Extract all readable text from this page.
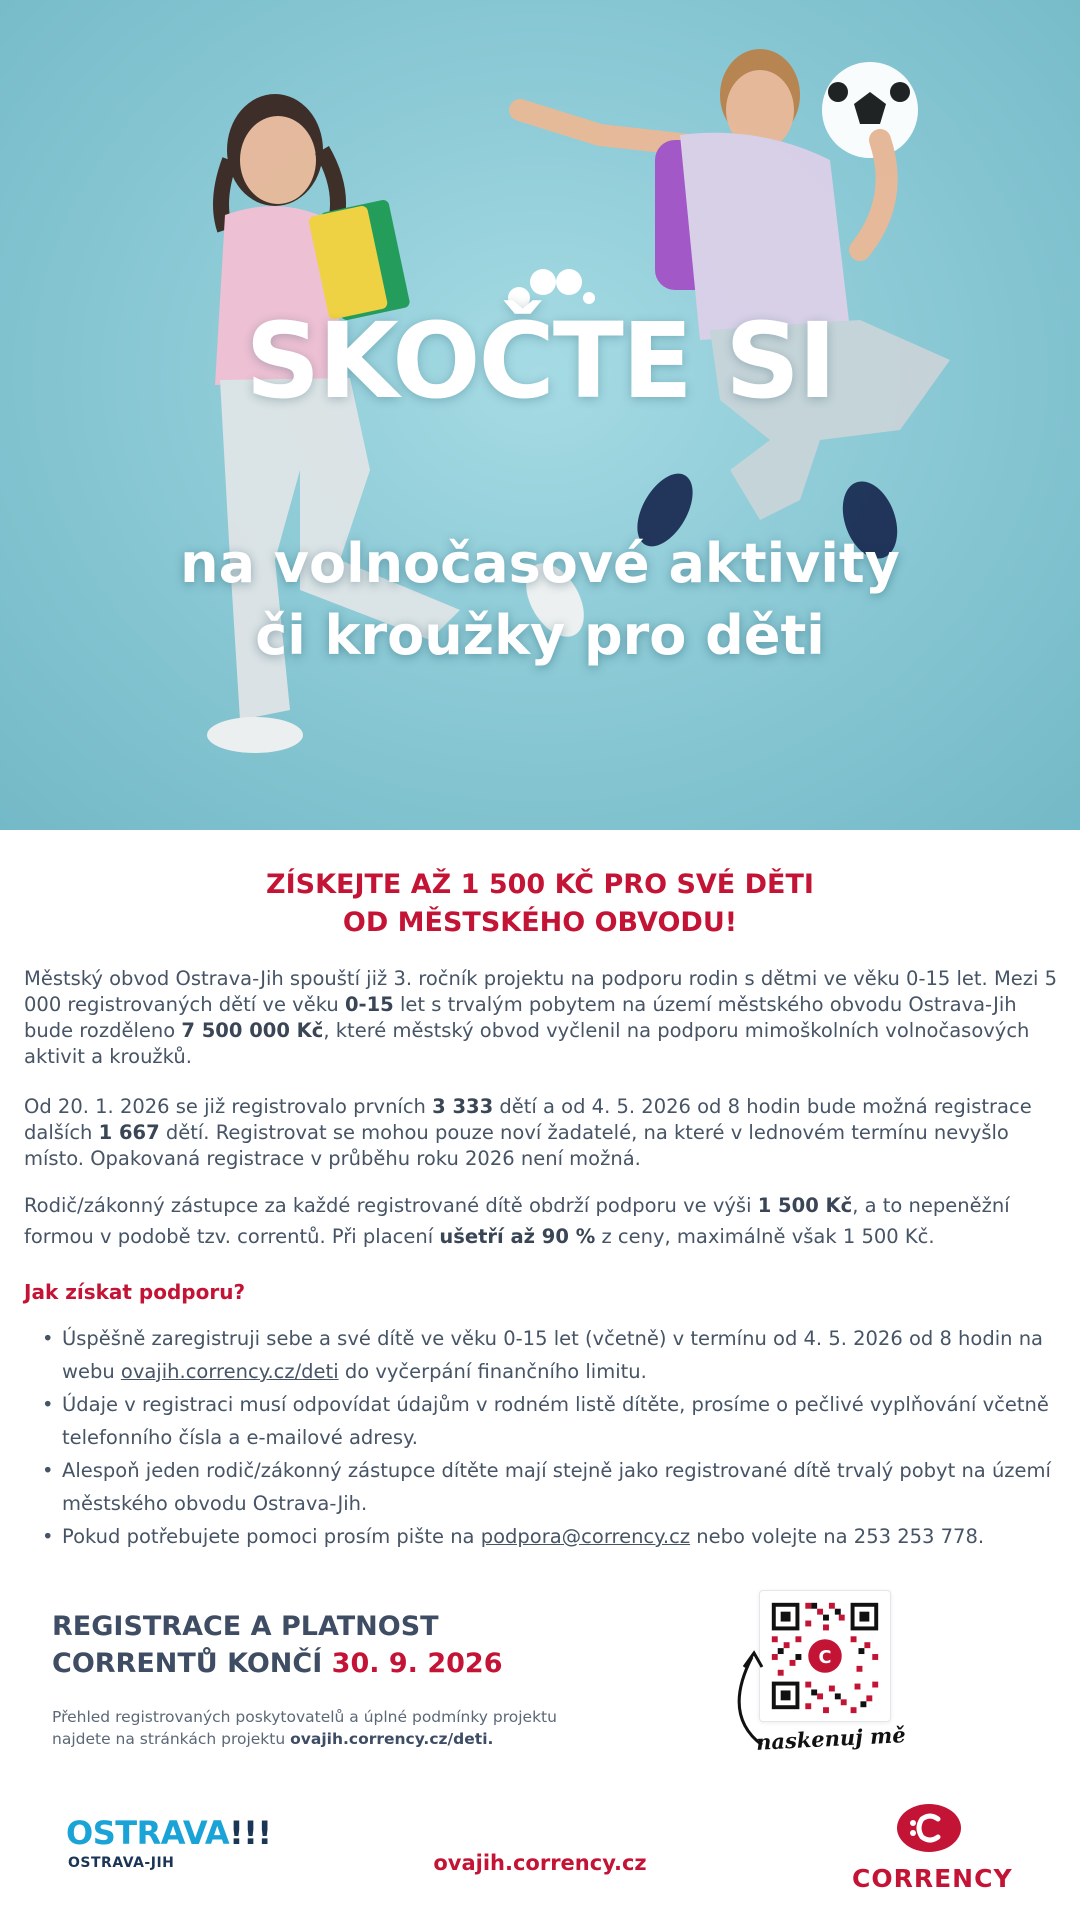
SKOČTE SI
na volnočasové aktivity
či kroužky pro děti
ZÍSKEJTE AŽ 1 500 KČ PRO SVÉ DĚTI
OD MĚSTSKÉHO OBVODU!

Městský obvod Ostrava-Jih spouští již 3. ročník projektu na podporu rodin s dětmi ve věku 0-15 let. Mezi 5 000 registrovaných dětí ve věku 0-15 let s trvalým pobytem na území městského obvodu Ostrava-Jih bude rozděleno 7 500 000 Kč, které městský obvod vyčlenil na podporu mimoškolních volnočasových aktivit a kroužků.

Od 20. 1. 2026 se již registrovalo prvních 3 333 dětí a od 4. 5. 2026 od 8 hodin bude možná registrace dalších 1 667 dětí. Registrovat se mohou pouze noví žadatelé, na které v lednovém termínu nevyšlo místo. Opakovaná registrace v průběhu roku 2026 není možná.

Rodič/zákonný zástupce za každé registrované dítě obdrží podporu ve výši 1 500 Kč, a to nepeněžní formou v podobě tzv. correntů. Při placení ušetří až 90 % z ceny, maximálně však 1 500 Kč.

Jak získat podporu?
• Úspěšně zaregistruji sebe a své dítě ve věku 0-15 let (včetně) v termínu od 4. 5. 2026 od 8 hodin na webu ovajih.corrency.cz/deti do vyčerpání finančního limitu.
• Údaje v registraci musí odpovídat údajům v rodném listě dítěte, prosíme o pečlivé vyplňování včetně telefonního čísla a e-mailové adresy.
• Alespoň jeden rodič/zákonný zástupce dítěte mají stejně jako registrované dítě trvalý pobyt na území městského obvodu Ostrava-Jih.
• Pokud potřebujete pomoci prosím pište na podpora@corrency.cz nebo volejte na 253 253 778.
REGISTRACE A PLATNOST
CORRENTŮ KONČÍ 30. 9. 2026
Přehled registrovaných poskytovatelů a úplné podmínky projektu
najdete na stránkách projektu ovajih.corrency.cz/deti.
C
naskenuj mě
OSTRAVA!!!
OSTRAVA-JIH	ovajih.corrency.cz
CORRENCY
